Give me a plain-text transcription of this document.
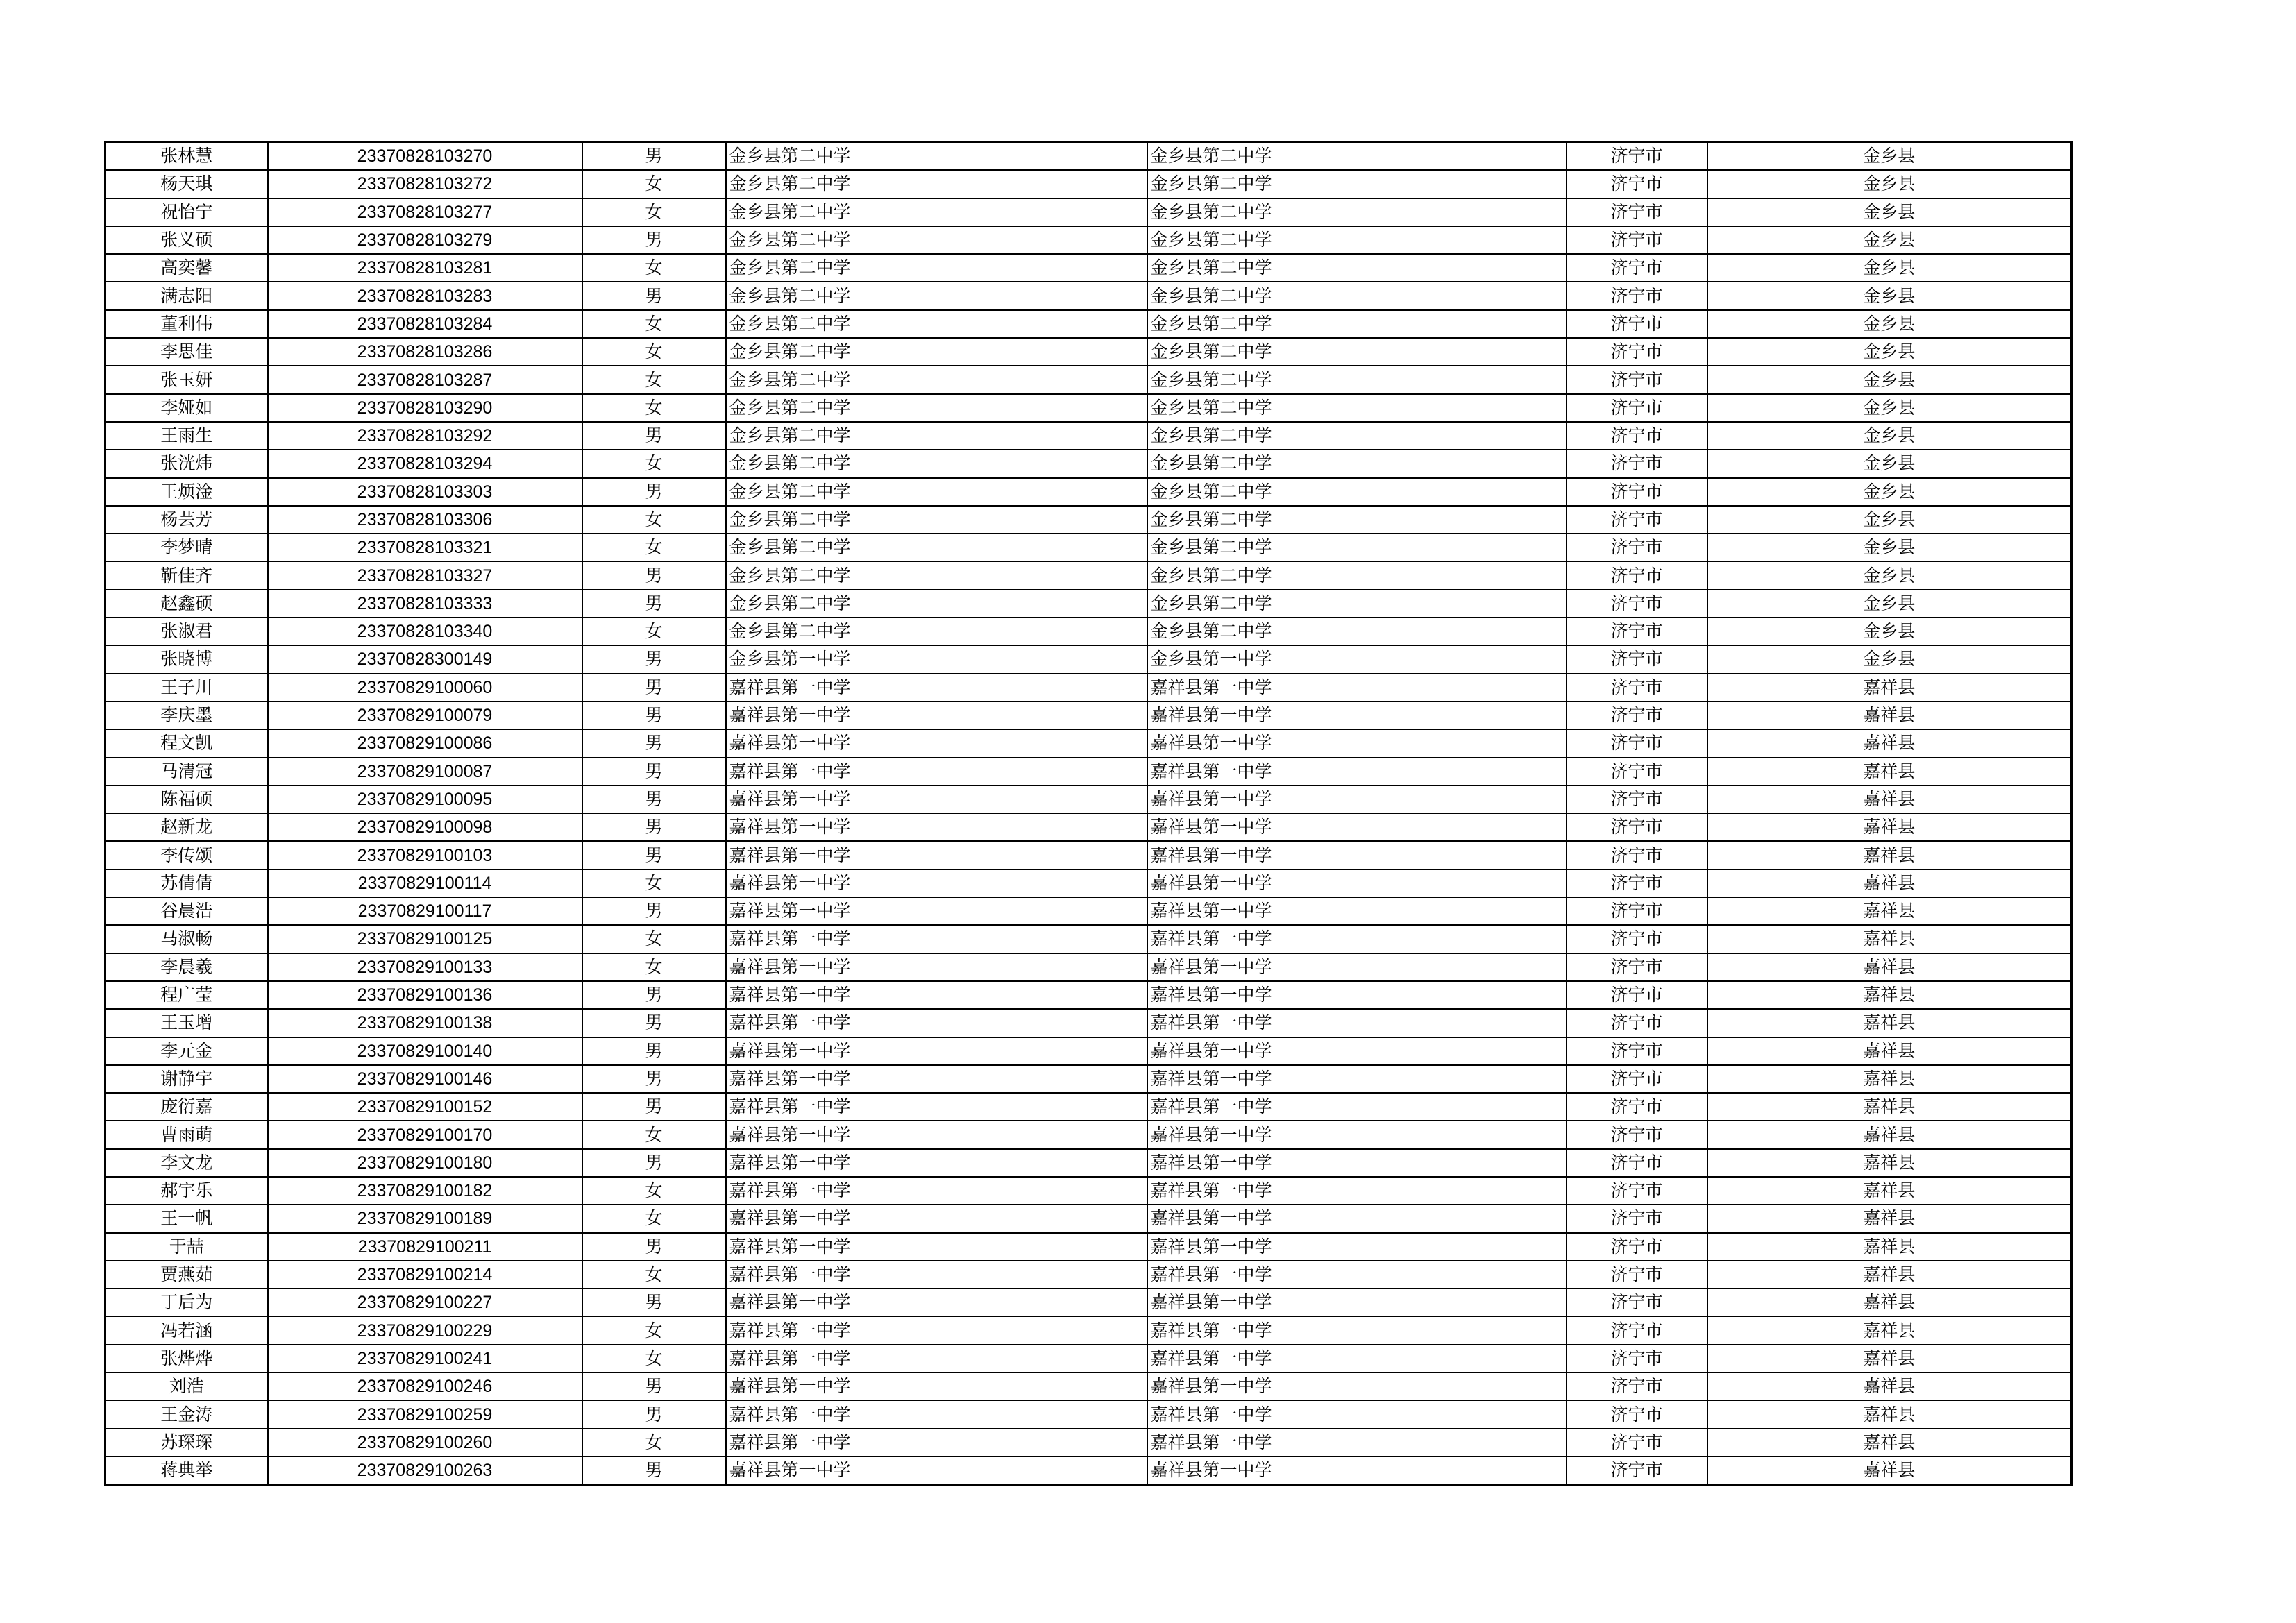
张林慧	23370828103270	男	金乡县第二中学	金乡县第二中学	济宁市	金乡县
杨天琪	23370828103272	女	金乡县第二中学	金乡县第二中学	济宁市	金乡县
祝怡宁	23370828103277	女	金乡县第二中学	金乡县第二中学	济宁市	金乡县
张义硕	23370828103279	男	金乡县第二中学	金乡县第二中学	济宁市	金乡县
高奕馨	23370828103281	女	金乡县第二中学	金乡县第二中学	济宁市	金乡县
满志阳	23370828103283	男	金乡县第二中学	金乡县第二中学	济宁市	金乡县
董利伟	23370828103284	女	金乡县第二中学	金乡县第二中学	济宁市	金乡县
李思佳	23370828103286	女	金乡县第二中学	金乡县第二中学	济宁市	金乡县
张玉妍	23370828103287	女	金乡县第二中学	金乡县第二中学	济宁市	金乡县
李娅如	23370828103290	女	金乡县第二中学	金乡县第二中学	济宁市	金乡县
王雨生	23370828103292	男	金乡县第二中学	金乡县第二中学	济宁市	金乡县
张洸炜	23370828103294	女	金乡县第二中学	金乡县第二中学	济宁市	金乡县
王烦淦	23370828103303	男	金乡县第二中学	金乡县第二中学	济宁市	金乡县
杨芸芳	23370828103306	女	金乡县第二中学	金乡县第二中学	济宁市	金乡县
李梦晴	23370828103321	女	金乡县第二中学	金乡县第二中学	济宁市	金乡县
靳佳齐	23370828103327	男	金乡县第二中学	金乡县第二中学	济宁市	金乡县
赵鑫硕	23370828103333	男	金乡县第二中学	金乡县第二中学	济宁市	金乡县
张淑君	23370828103340	女	金乡县第二中学	金乡县第二中学	济宁市	金乡县
张晓博	23370828300149	男	金乡县第一中学	金乡县第一中学	济宁市	金乡县
王子川	23370829100060	男	嘉祥县第一中学	嘉祥县第一中学	济宁市	嘉祥县
李庆墨	23370829100079	男	嘉祥县第一中学	嘉祥县第一中学	济宁市	嘉祥县
程文凯	23370829100086	男	嘉祥县第一中学	嘉祥县第一中学	济宁市	嘉祥县
马清冠	23370829100087	男	嘉祥县第一中学	嘉祥县第一中学	济宁市	嘉祥县
陈福硕	23370829100095	男	嘉祥县第一中学	嘉祥县第一中学	济宁市	嘉祥县
赵新龙	23370829100098	男	嘉祥县第一中学	嘉祥县第一中学	济宁市	嘉祥县
李传颂	23370829100103	男	嘉祥县第一中学	嘉祥县第一中学	济宁市	嘉祥县
苏倩倩	23370829100114	女	嘉祥县第一中学	嘉祥县第一中学	济宁市	嘉祥县
谷晨浩	23370829100117	男	嘉祥县第一中学	嘉祥县第一中学	济宁市	嘉祥县
马淑畅	23370829100125	女	嘉祥县第一中学	嘉祥县第一中学	济宁市	嘉祥县
李晨羲	23370829100133	女	嘉祥县第一中学	嘉祥县第一中学	济宁市	嘉祥县
程广莹	23370829100136	男	嘉祥县第一中学	嘉祥县第一中学	济宁市	嘉祥县
王玉增	23370829100138	男	嘉祥县第一中学	嘉祥县第一中学	济宁市	嘉祥县
李元金	23370829100140	男	嘉祥县第一中学	嘉祥县第一中学	济宁市	嘉祥县
谢静宇	23370829100146	男	嘉祥县第一中学	嘉祥县第一中学	济宁市	嘉祥县
庞衍嘉	23370829100152	男	嘉祥县第一中学	嘉祥县第一中学	济宁市	嘉祥县
曹雨萌	23370829100170	女	嘉祥县第一中学	嘉祥县第一中学	济宁市	嘉祥县
李文龙	23370829100180	男	嘉祥县第一中学	嘉祥县第一中学	济宁市	嘉祥县
郝宇乐	23370829100182	女	嘉祥县第一中学	嘉祥县第一中学	济宁市	嘉祥县
王一帆	23370829100189	女	嘉祥县第一中学	嘉祥县第一中学	济宁市	嘉祥县
于喆	23370829100211	男	嘉祥县第一中学	嘉祥县第一中学	济宁市	嘉祥县
贾燕茹	23370829100214	女	嘉祥县第一中学	嘉祥县第一中学	济宁市	嘉祥县
丁后为	23370829100227	男	嘉祥县第一中学	嘉祥县第一中学	济宁市	嘉祥县
冯若涵	23370829100229	女	嘉祥县第一中学	嘉祥县第一中学	济宁市	嘉祥县
张烨烨	23370829100241	女	嘉祥县第一中学	嘉祥县第一中学	济宁市	嘉祥县
刘浩	23370829100246	男	嘉祥县第一中学	嘉祥县第一中学	济宁市	嘉祥县
王金涛	23370829100259	男	嘉祥县第一中学	嘉祥县第一中学	济宁市	嘉祥县
苏琛琛	23370829100260	女	嘉祥县第一中学	嘉祥县第一中学	济宁市	嘉祥县
蒋典举	23370829100263	男	嘉祥县第一中学	嘉祥县第一中学	济宁市	嘉祥县
